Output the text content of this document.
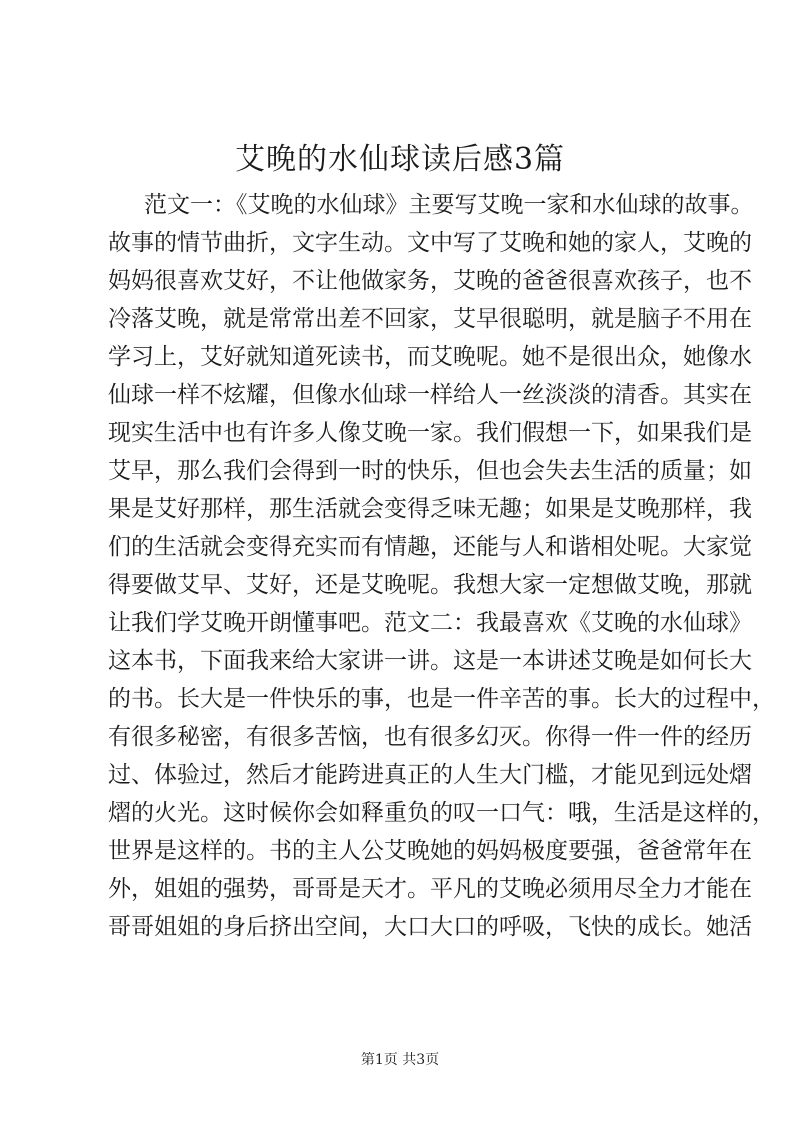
艾晚的水仙球读后感3篇
范文一：《艾晚的水仙球》主要写艾晚一家和水仙球的故事。
故事的情节曲折，文字生动。文中写了艾晚和她的家人，艾晚的
妈妈很喜欢艾好，不让他做家务，艾晚的爸爸很喜欢孩子，也不
冷落艾晚，就是常常出差不回家，艾早很聪明，就是脑子不用在
学习上，艾好就知道死读书，而艾晚呢。她不是很出众，她像水
仙球一样不炫耀，但像水仙球一样给人一丝淡淡的清香。其实在
现实生活中也有许多人像艾晚一家。我们假想一下，如果我们是
艾早，那么我们会得到一时的快乐，但也会失去生活的质量；如
果是艾好那样，那生活就会变得乏味无趣；如果是艾晚那样，我
们的生活就会变得充实而有情趣，还能与人和谐相处呢。大家觉
得要做艾早、艾好，还是艾晚呢。我想大家一定想做艾晚，那就
让我们学艾晚开朗懂事吧。范文二：我最喜欢《艾晚的水仙球》
这本书，下面我来给大家讲一讲。这是一本讲述艾晚是如何长大
的书。长大是一件快乐的事，也是一件辛苦的事。长大的过程中，
有很多秘密，有很多苦恼，也有很多幻灭。你得一件一件的经历
过、体验过，然后才能跨进真正的人生大门槛，才能见到远处熠
熠的火光。这时候你会如释重负的叹一口气：哦，生活是这样的，
世界是这样的。书的主人公艾晚她的妈妈极度要强，爸爸常年在
外，姐姐的强势，哥哥是天才。平凡的艾晚必须用尽全力才能在
哥哥姐姐的身后挤出空间，大口大口的呼吸，飞快的成长。她活
第1页 共3页
